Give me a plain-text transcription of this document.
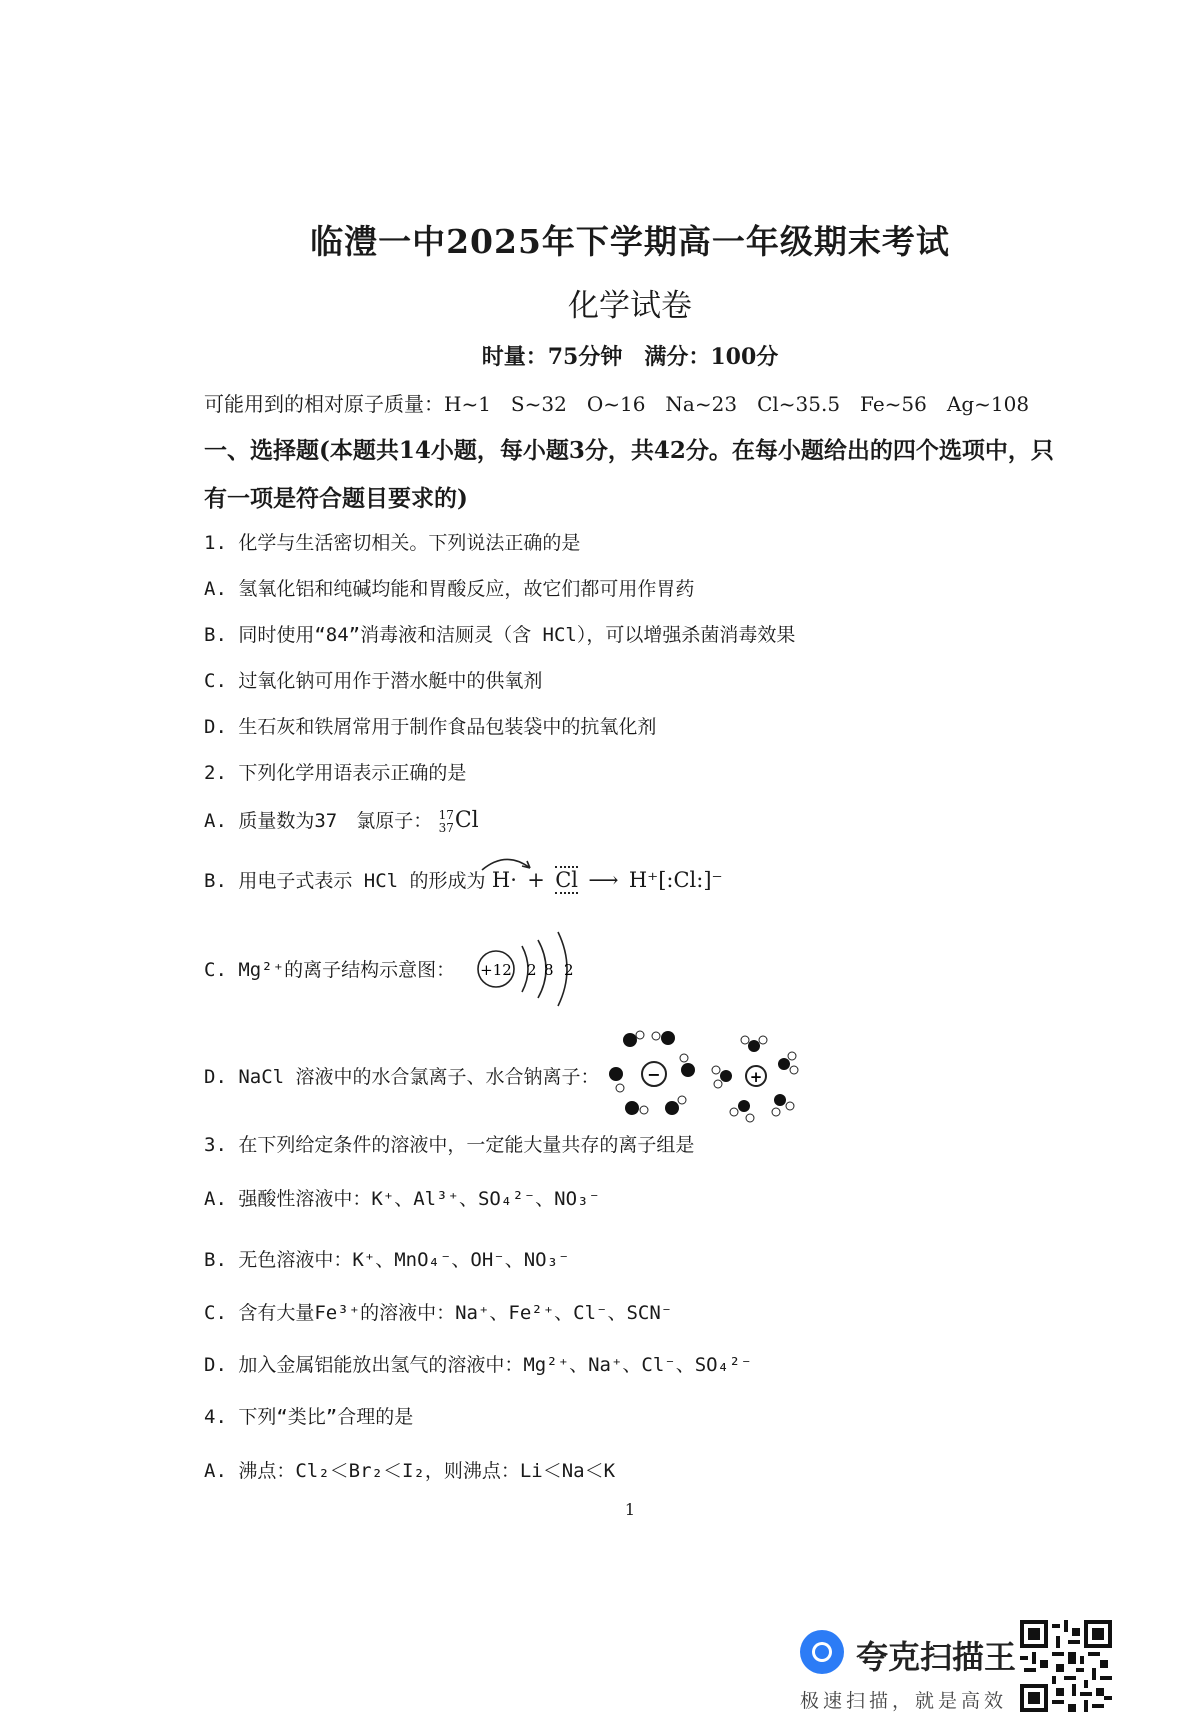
临澧一中2025年下学期高一年级期末考试
化学试卷
时量：75分钟　满分：100分
可能用到的相对原子质量：H~1　S~32　O~16　Na~23　Cl~35.5　Fe~56　Ag~108
一、选择题(本题共14小题，每小题3分，共42分。在每小题给出的四个选项中，只
有一项是符合题目要求的)
1. 化学与生活密切相关。下列说法正确的是
A. 氢氧化铝和纯碱均能和胃酸反应，故它们都可用作胃药
B. 同时使用“84”消毒液和洁厕灵（含 HCl），可以增强杀菌消毒效果
C. 过氧化钠可用作于潜水艇中的供氧剂
D. 生石灰和铁屑常用于制作食品包装袋中的抗氧化剂
2. 下列化学用语表示正确的是
A. 质量数为37　氯原子： 17
37 Cl
B. 用电子式表示 HCl 的形成为 H· + Cl ⟶ H⁺[:Cl:]⁻
C. Mg²⁺的离子结构示意图： +12 2 8 2
D. NaCl 溶液中的水合氯离子、水合钠离子：	−	+
3. 在下列给定条件的溶液中，一定能大量共存的离子组是
A. 强酸性溶液中：K⁺、Al³⁺、SO₄²⁻、NO₃⁻
B. 无色溶液中：K⁺、MnO₄⁻、OH⁻、NO₃⁻
C. 含有大量Fe³⁺的溶液中：Na⁺、Fe²⁺、Cl⁻、SCN⁻
D. 加入金属铝能放出氢气的溶液中：Mg²⁺、Na⁺、Cl⁻、SO₄²⁻
4. 下列“类比”合理的是
A. 沸点：Cl₂＜Br₂＜I₂，则沸点：Li＜Na＜K
1
夸克扫描王
极速扫描，就是高效
